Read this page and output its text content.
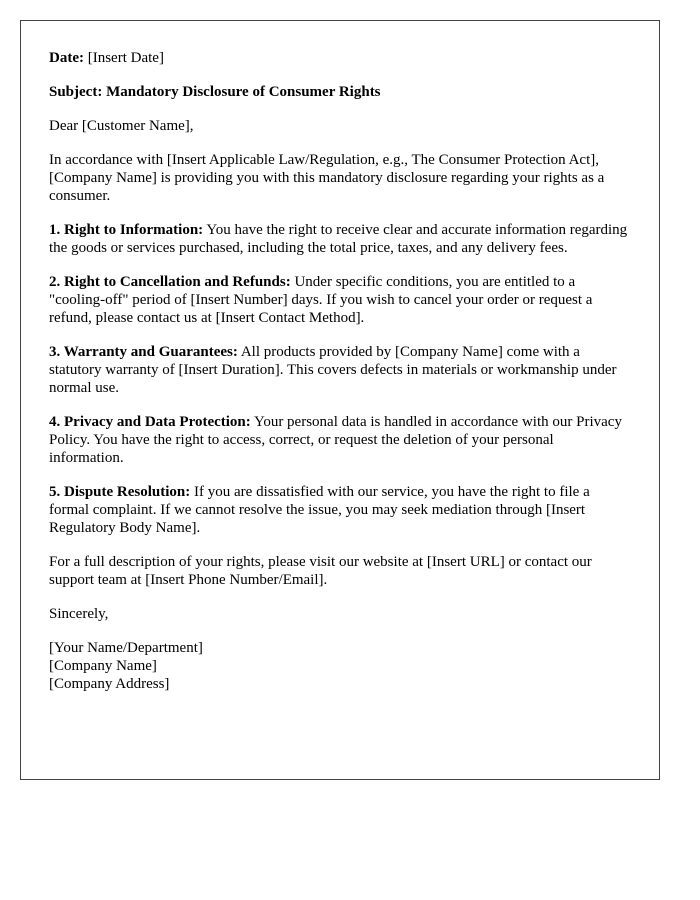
Date: [Insert Date]

Subject: Mandatory Disclosure of Consumer Rights

Dear [Customer Name],

In accordance with [Insert Applicable Law/Regulation, e.g., The Consumer Protection Act], [Company Name] is providing you with this mandatory disclosure regarding your rights as a consumer.

1. Right to Information: You have the right to receive clear and accurate information regarding the goods or services purchased, including the total price, taxes, and any delivery fees.

2. Right to Cancellation and Refunds: Under specific conditions, you are entitled to a "cooling-off" period of [Insert Number] days. If you wish to cancel your order or request a refund, please contact us at [Insert Contact Method].

3. Warranty and Guarantees: All products provided by [Company Name] come with a statutory warranty of [Insert Duration]. This covers defects in materials or workmanship under normal use.

4. Privacy and Data Protection: Your personal data is handled in accordance with our Privacy Policy. You have the right to access, correct, or request the deletion of your personal information.

5. Dispute Resolution: If you are dissatisfied with our service, you have the right to file a formal complaint. If we cannot resolve the issue, you may seek mediation through [Insert Regulatory Body Name].

For a full description of your rights, please visit our website at [Insert URL] or contact our support team at [Insert Phone Number/Email].

Sincerely,

[Your Name/Department]
[Company Name]
[Company Address]
